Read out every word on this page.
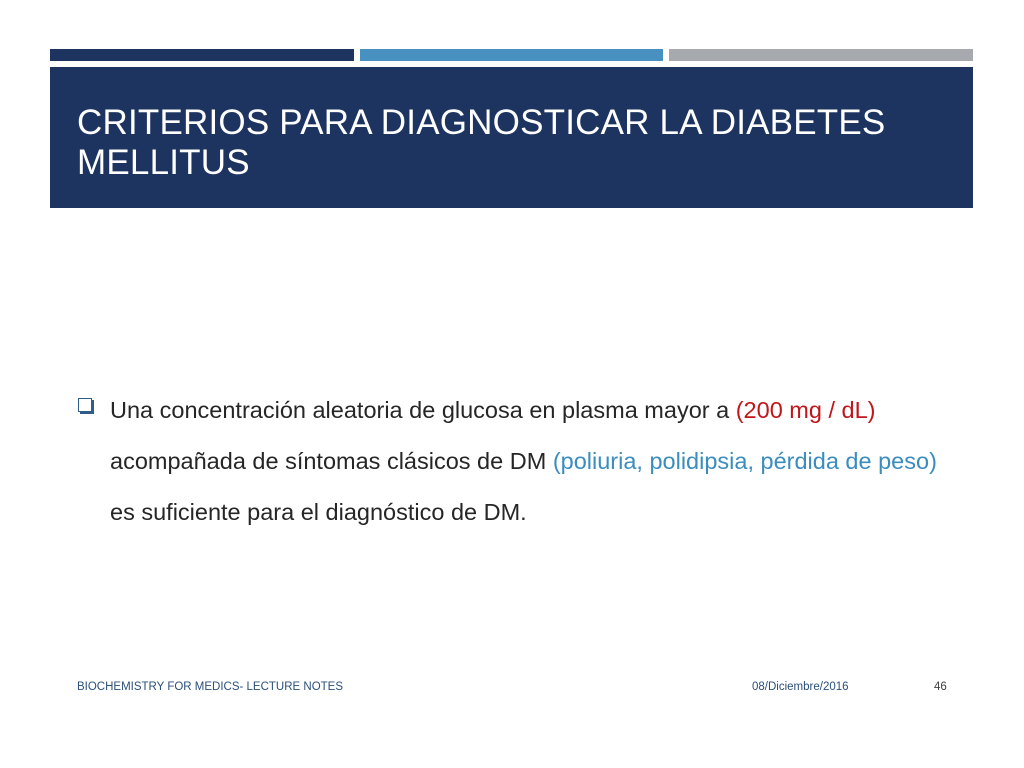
CRITERIOS PARA DIAGNOSTICAR LA DIABETES MELLITUS

Una concentración aleatoria de glucosa en plasma mayor a (200 mg / dL) acompañada de síntomas clásicos de DM (poliuria, polidipsia, pérdida de peso) es suficiente para el diagnóstico de DM.

BIOCHEMISTRY FOR MEDICS- LECTURE NOTES	08/Diciembre/2016	46
